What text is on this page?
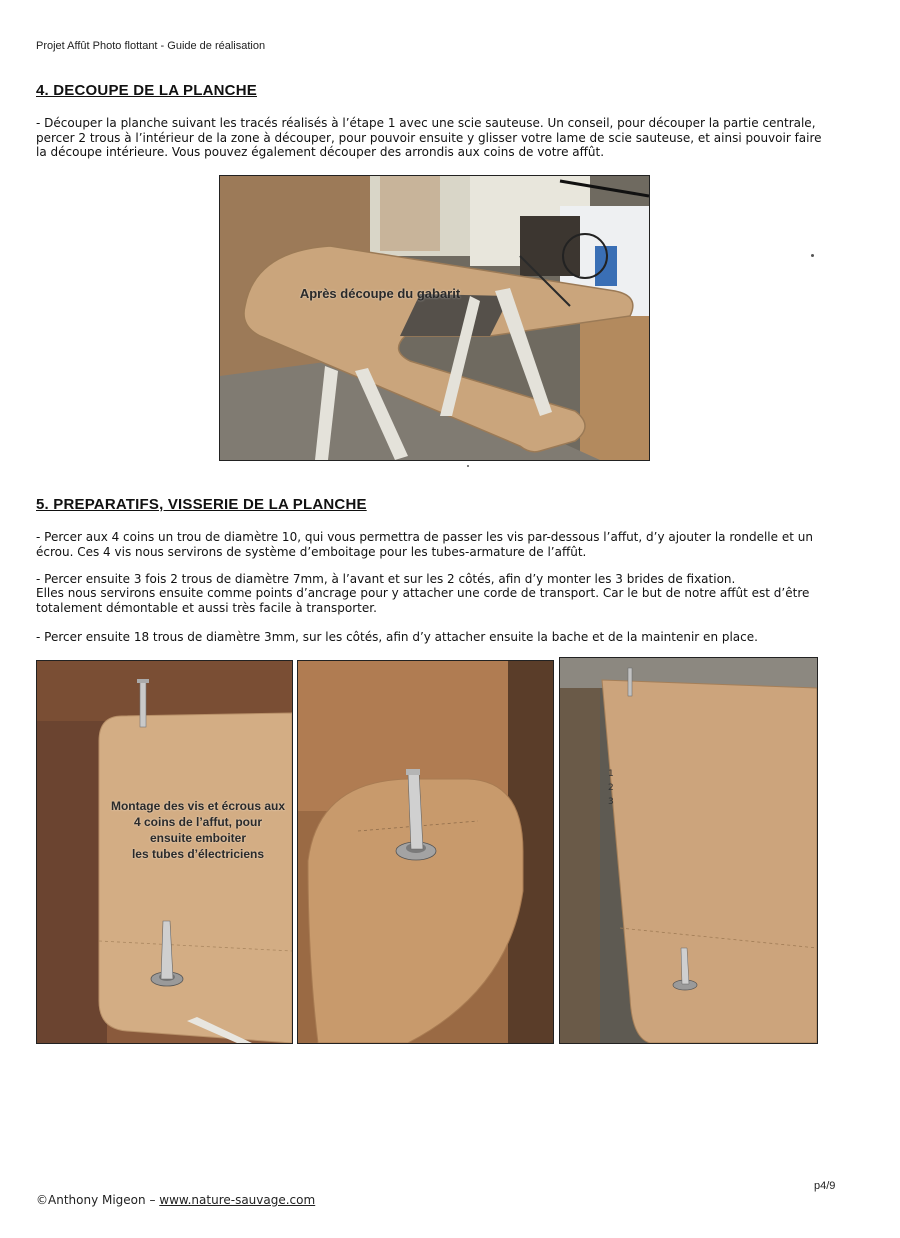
Projet Affût Photo flottant - Guide de réalisation
4. DECOUPE DE LA PLANCHE

- Découper la planche suivant les tracés réalisés à l’étape 1 avec une scie sauteuse. Un conseil, pour découper la partie centrale, percer 2 trous à l’intérieur de la zone à découper, pour pouvoir ensuite y glisser votre lame de scie sauteuse, et ainsi pouvoir faire la découpe intérieure. Vous pouvez également découper des arrondis aux coins de votre affût.

Après découpe du gabarit
5. PREPARATIFS, VISSERIE DE LA PLANCHE

- Percer aux 4 coins un trou de diamètre 10, qui vous permettra de passer les vis par-dessous l’affut, d’y ajouter la rondelle et un écrou. Ces 4 vis nous servirons de système d’emboitage pour les tubes-armature de l’affût.

- Percer ensuite 3 fois 2 trous de diamètre 7mm, à l’avant et sur les 2 côtés, afin d’y monter les 3 brides de fixation.

Elles nous servirons ensuite comme points d’ancrage pour y attacher une corde de transport. Car le but de notre affût est d’être totalement démontable et aussi très facile à transporter.

- Percer ensuite 18 trous de diamètre 3mm, sur les côtés, afin d’y attacher ensuite la bache et de la maintenir en place.

Montage des vis et écrous aux
4 coins de l’affut, pour
ensuite emboiter
les tubes d’électriciens
1
2
3
©Anthony Migeon – www.nature-sauvage.com
p4/9
